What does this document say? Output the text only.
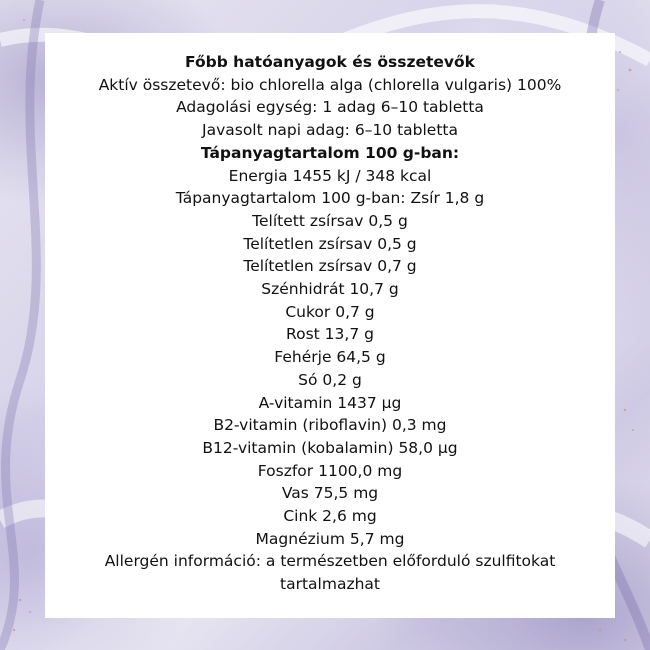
Főbb hatóanyagok és összetevők
Aktív összetevő: bio chlorella alga (chlorella vulgaris) 100%
Adagolási egység: 1 adag 6–10 tabletta
Javasolt napi adag: 6–10 tabletta
Tápanyagtartalom 100 g-ban:
Energia 1455 kJ / 348 kcal
Tápanyagtartalom 100 g-ban: Zsír 1,8 g
Telített zsírsav 0,5 g
Telítetlen zsírsav 0,5 g
Telítetlen zsírsav 0,7 g
Szénhidrát 10,7 g
Cukor 0,7 g
Rost 13,7 g
Fehérje 64,5 g
Só 0,2 g
A-vitamin 1437 µg
B2-vitamin (riboflavin) 0,3 mg
B12-vitamin (kobalamin) 58,0 µg
Foszfor 1100,0 mg
Vas 75,5 mg
Cink 2,6 mg
Magnézium 5,7 mg
Allergén információ: a természetben előforduló szulfitokat tartalmazhat
